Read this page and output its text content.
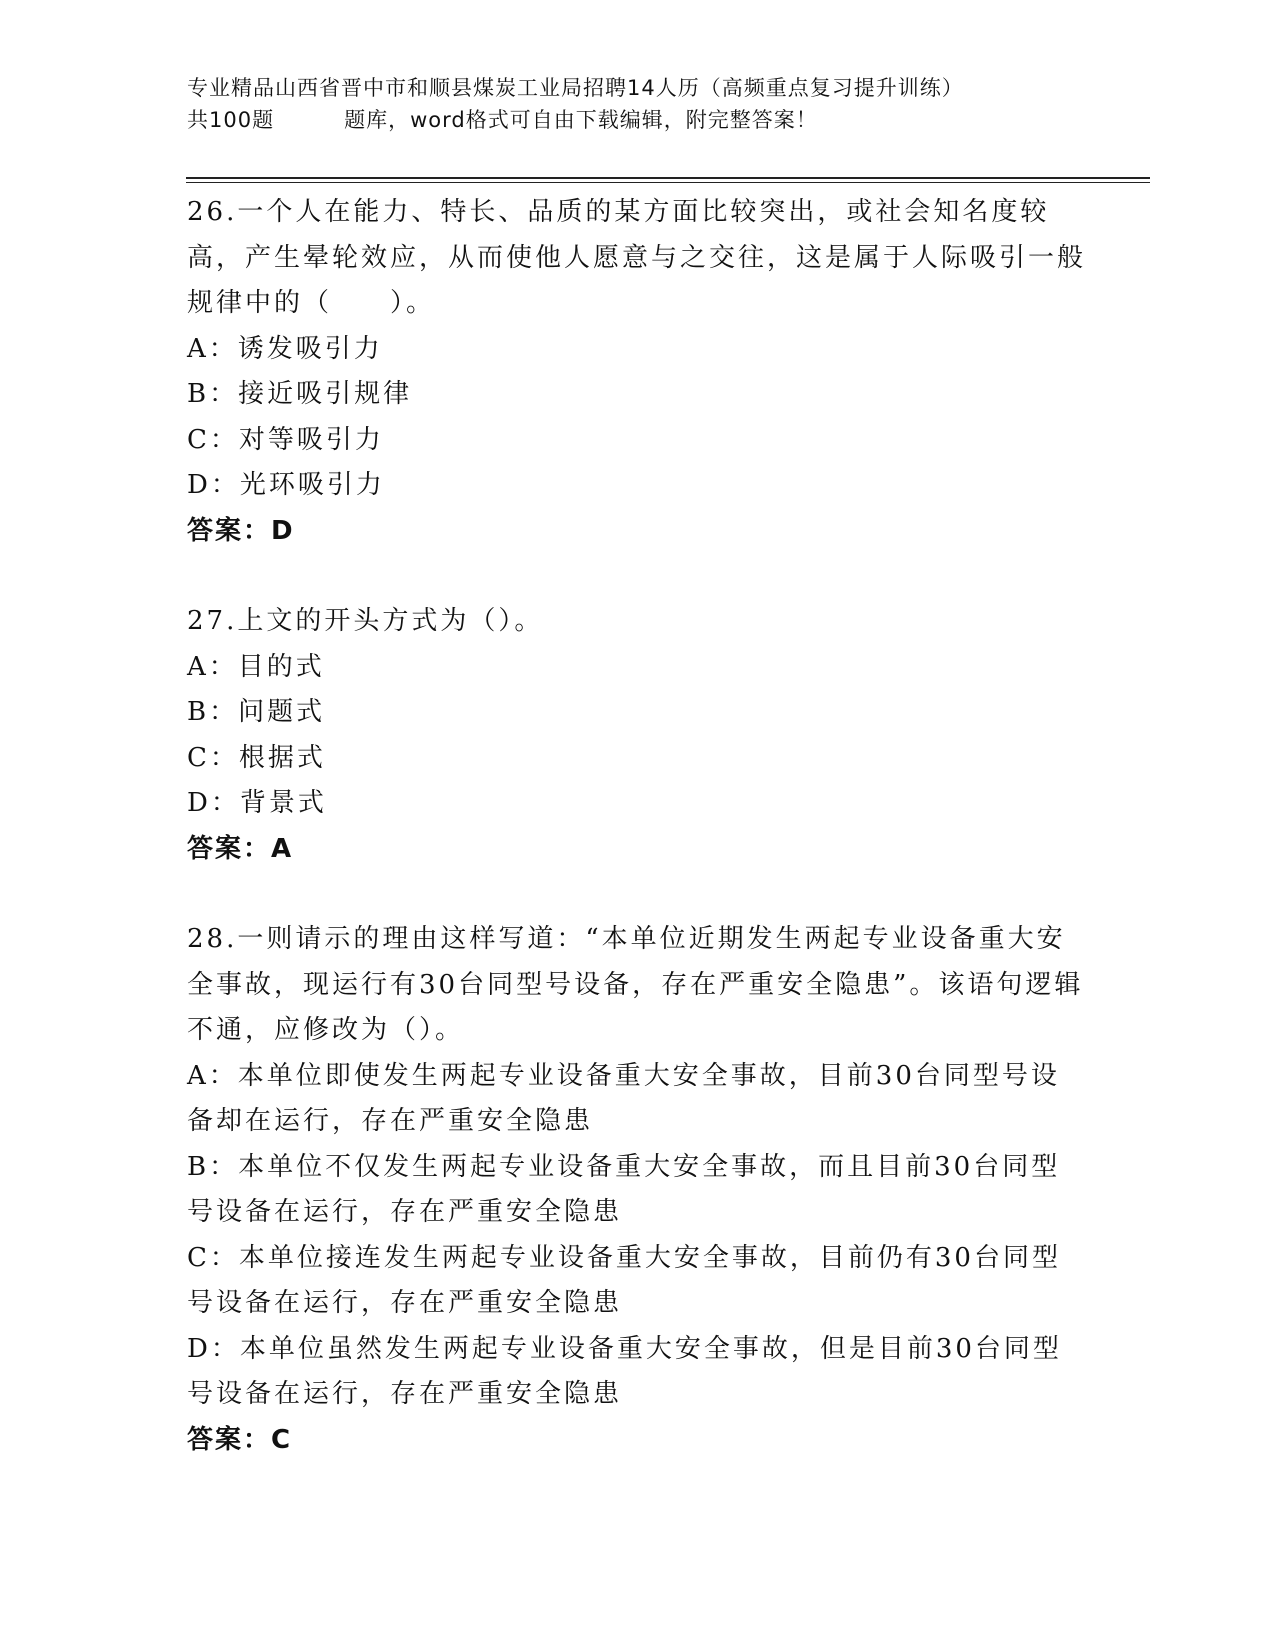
专业精品山西省晋中市和顺县煤炭工业局招聘14人历（高频重点复习提升训练）
共100题	题库，word格式可自由下载编辑，附完整答案！

26.一个人在能力、特长、品质的某方面比较突出，或社会知名度较高，产生晕轮效应，从而使他人愿意与之交往，这是属于人际吸引一般规律中的（　　）。

A：诱发吸引力

B：接近吸引规律

C：对等吸引力

D：光环吸引力

答案：D

27.上文的开头方式为（）。

A：目的式

B：问题式

C：根据式

D：背景式

答案：A

28.一则请示的理由这样写道：“本单位近期发生两起专业设备重大安全事故，现运行有30台同型号设备，存在严重安全隐患”。该语句逻辑不通，应修改为（）。

A：本单位即使发生两起专业设备重大安全事故，目前30台同型号设备却在运行，存在严重安全隐患

B：本单位不仅发生两起专业设备重大安全事故，而且目前30台同型号设备在运行，存在严重安全隐患

C：本单位接连发生两起专业设备重大安全事故，目前仍有30台同型号设备在运行，存在严重安全隐患

D：本单位虽然发生两起专业设备重大安全事故，但是目前30台同型号设备在运行，存在严重安全隐患

答案：C
